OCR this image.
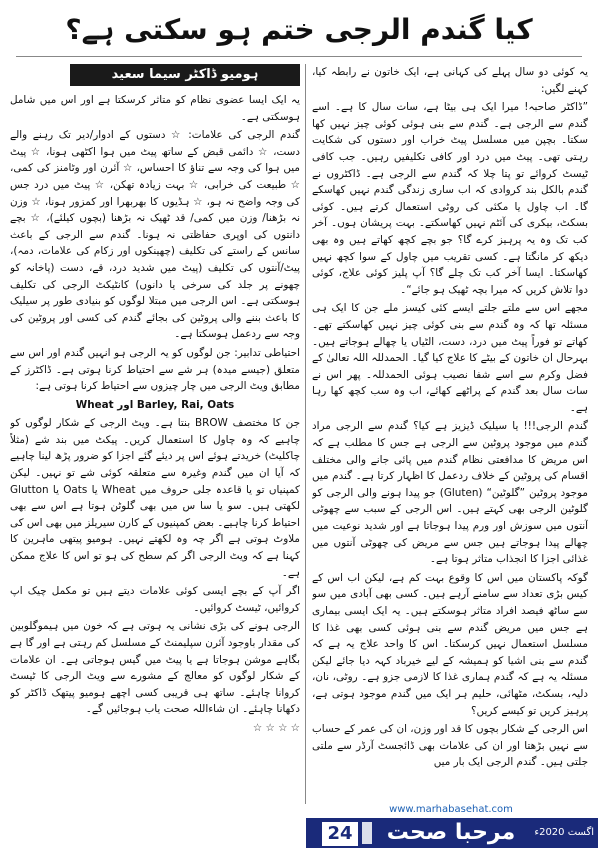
کیا گندم الرجی ختم ہو سکتی ہے؟

یہ کوئی دو سال پہلے کی کہانی ہے، ایک خاتون نے رابطہ کیا، کہنے لگیں:

”ڈاکٹر صاحبہ! میرا ایک ہی بیٹا ہے، سات سال کا ہے۔ اسے گندم سے الرجی ہے۔ گندم سے بنی ہوئی کوئی چیز نہیں کھا سکتا۔ بچپن میں مسلسل پیٹ خراب اور دستوں کی شکایت رہتی تھی۔ پیٹ میں درد اور کافی تکلیفیں رہیں۔ جب کافی ٹیسٹ کروائے تو پتا چلا کہ گندم سے الرجی ہے۔ ڈاکٹروں نے گندم بالکل بند کروادی کہ اب ساری زندگی گندم نہیں کھاسکے گا۔ اب چاول یا مکئی کی روٹی استعمال کرتے ہیں۔ کوئی بسکٹ، بیکری کی آئٹم نہیں کھاسکتے۔ بہت پریشان ہوں۔ آخر کب تک وہ یہ پرہیز کرے گا؟ جو بچے کچھ کھاتے ہیں وہ بھی دیکھ کر مانگتا ہے۔ کسی تقریب میں چاول کے سوا کچھ نہیں کھاسکتا۔ ایسا آخر کب تک چلے گا؟ آپ پلیز کوئی علاج، کوئی دوا تلاش کریں کہ میرا بچہ ٹھیک ہو جائے“۔

مجھے اس سے ملتے جلتے ایسے کئی کیسز ملے جن کا ایک ہی مسئلہ تھا کہ وہ گندم سے بنی کوئی چیز نہیں کھاسکتے تھے۔ کھاتے تو فوراً پیٹ میں درد، دست، الٹیاں یا چھالے ہوجاتے ہیں۔ بہرحال ان خاتون کے بیٹے کا علاج کیا گیا۔ الحمدللہ اللہ تعالیٰ کے فضل وکرم سے اسے شفا نصیب ہوئی الحمدللہ۔ پھر اس نے سات سال بعد گندم کے پراٹھے کھائے، اب وہ سب کچھ کھا رہا ہے۔

گندم الرجی!!! یا سیلیک ڈیزیز ہے کیا؟ گندم سے الرجی مراد گندم میں موجود پروٹین سے الرجی ہے جس کا مطلب ہے کہ اس مریض کا مدافعتی نظام گندم میں پائی جانے والی مختلف اقسام کی پروٹین کے خلاف ردعمل کا اظہار کرتا ہے۔ گندم میں موجود پروٹین ”گلوٹین“ (Gluten) جو پیدا ہونے والی الرجی کو گلوٹین الرجی بھی کہتے ہیں۔ اس الرجی کے سبب سے چھوٹی آنتوں میں سوزش اور ورم پیدا ہوجاتا ہے اور شدید نوعیت میں چھالے پیدا ہوجاتے ہیں جس سے مریض کی چھوٹی آنتوں میں غذائی اجزا کا انجذاب متاثر ہوتا ہے۔

گوکہ پاکستان میں اس کا وقوع بہت کم ہے، لیکن اب اس کے کیس بڑی تعداد سے سامنے آرہے ہیں۔ کسی بھی آبادی میں سو سے ساٹھ فیصد افراد متاثر ہوسکتے ہیں۔ یہ ایک ایسی بیماری ہے جس میں مریض گندم سے بنی ہوئی کسی بھی غذا کا مسلسل استعمال نہیں کرسکتا۔ اس کا واحد علاج یہ ہے کہ گندم سے بنی اشیا کو ہمیشہ کے لیے خیرباد کہہ دیا جائے لیکن مسئلہ یہ ہے کہ گندم ہماری غذا کا لازمی جزو ہے۔ روٹی، نان، دلیہ، بسکٹ، مٹھائی، حلیم ہر ایک میں گندم موجود ہوتی ہے، پرہیز کریں تو کیسے کریں؟

اس الرجی کے شکار بچوں کا قد اور وزن، ان کی عمر کے حساب سے نہیں بڑھتا اور ان کی علامات بھی ڈائجسٹ آرڈر سے ملتی جلتی ہیں۔ گندم الرجی ایک بار میں

ہومیو ڈاکٹر سیما سعید

یہ ایک ایسا عضوی نظام کو متاثر کرسکتا ہے اور اس میں شامل ہوسکتی ہے۔

گندم الرجی کی علامات: ☆ دستوں کے ادوار/دیر تک رہنے والے دست، ☆ دائمی قبض کے ساتھ پیٹ میں ہوا اکٹھی ہونا، ☆ پیٹ میں ہوا کی وجہ سے تناؤ کا احساس، ☆ آئرن اور وٹامنز کی کمی، ☆ طبیعت کی خرابی، ☆ بہت زیادہ تھکن، ☆ پیٹ میں درد جس کی وجہ واضح نہ ہو، ☆ ہڈیوں کا بھربھرا اور کمزور ہونا، ☆ وزن نہ بڑھنا/ وزن میں کمی/ قد ٹھیک نہ بڑھنا (بچوں کیلئے)، ☆ بچے دانتوں کی اوپری حفاظتی نہ ہونا۔ گندم سے الرجی کے باعث سانس کے راستے کی تکلیف (چھینکوں اور زکام کی علامات، دمہ)، پیٹ/آنتوں کی تکلیف (پیٹ میں شدید درد، قے، دست (پاخانہ کو چھونے پر جلد کی سرخی یا دانوں) کانٹیکٹ الرجی کی تکلیف ہوسکتی ہے۔ اس الرجی میں مبتلا لوگوں کو بنیادی طور پر سیلیک کا باعث بننے والی پروٹین کی بجائے گندم کی کسی اور پروٹین کی وجہ سے ردعمل ہوسکتا ہے۔

احتیاطی تدابیر: جن لوگوں کو یہ الرجی ہو انہیں گندم اور اس سے متعلق (جیسے میدہ) ہر شے سے احتیاط کرنا ہوتی ہے۔ ڈاکٹرز کے مطابق ویٹ الرجی میں چار چیزوں سے احتیاط کرنا ہوتی ہے:

Wheat اور Barley, Rai, Oats

جن کا مختصف BROW بنتا ہے۔ ویٹ الرجی کے شکار لوگوں کو چاہیے کہ وہ چاول کا استعمال کریں۔ پیکٹ میں بند شے (مثلاً چاکلیٹ) خریدتے ہوئے اس پر دیئے گئے اجزا کو ضرور پڑھ لینا چاہیے کہ آیا ان میں گندم وغیرہ سے متعلقہ کوئی شے تو نہیں۔ لیکن کمپنیاں تو یا قاعدہ جلی حروف میں Wheat یا Oats یا Glutton لکھتی ہیں۔ سو یا سا س میں بھی گلوٹن ہوتا ہے اس سے بھی احتیاط کرنا چاہیے۔ بعض کمپنیوں کے کارن سیریلز میں بھی اس کی ملاوٹ ہوتی ہے اگر چہ وہ لکھتے نہیں۔ ہومیو پیتھی ماہرین کا کہنا ہے کہ ویٹ الرجی اگر کم سطح کی ہو تو اس کا علاج ممکن ہے۔

اگر آپ کے بچے ایسی کوئی علامات دیتے ہیں تو مکمل چیک اپ کروائیں، ٹیسٹ کروائیں۔

الرجی ہونے کی بڑی نشانی یہ ہوتی ہے کہ خون میں ہیموگلوبین کی مقدار باوجود آئرن سپلیمنٹ کے مسلسل کم رہتی ہے اور گا ہے بگاہے موشن ہوجاتا ہے یا پیٹ میں گیس ہوجاتی ہے۔ ان علامات کے شکار لوگوں کو معالج کے مشورے سے ویٹ الرجی کا ٹیسٹ کروانا چاہئے۔ ساتھ ہی قریبی کسی اچھے ہومیو پیتھک ڈاکٹر کو دکھانا چاہئے۔ ان شاءاللہ صحت یاب ہوجائیں گے۔

☆ ☆ ☆ ☆

www.marhabasehat.com
24	مرحبا صحت	اگست 2020ء
